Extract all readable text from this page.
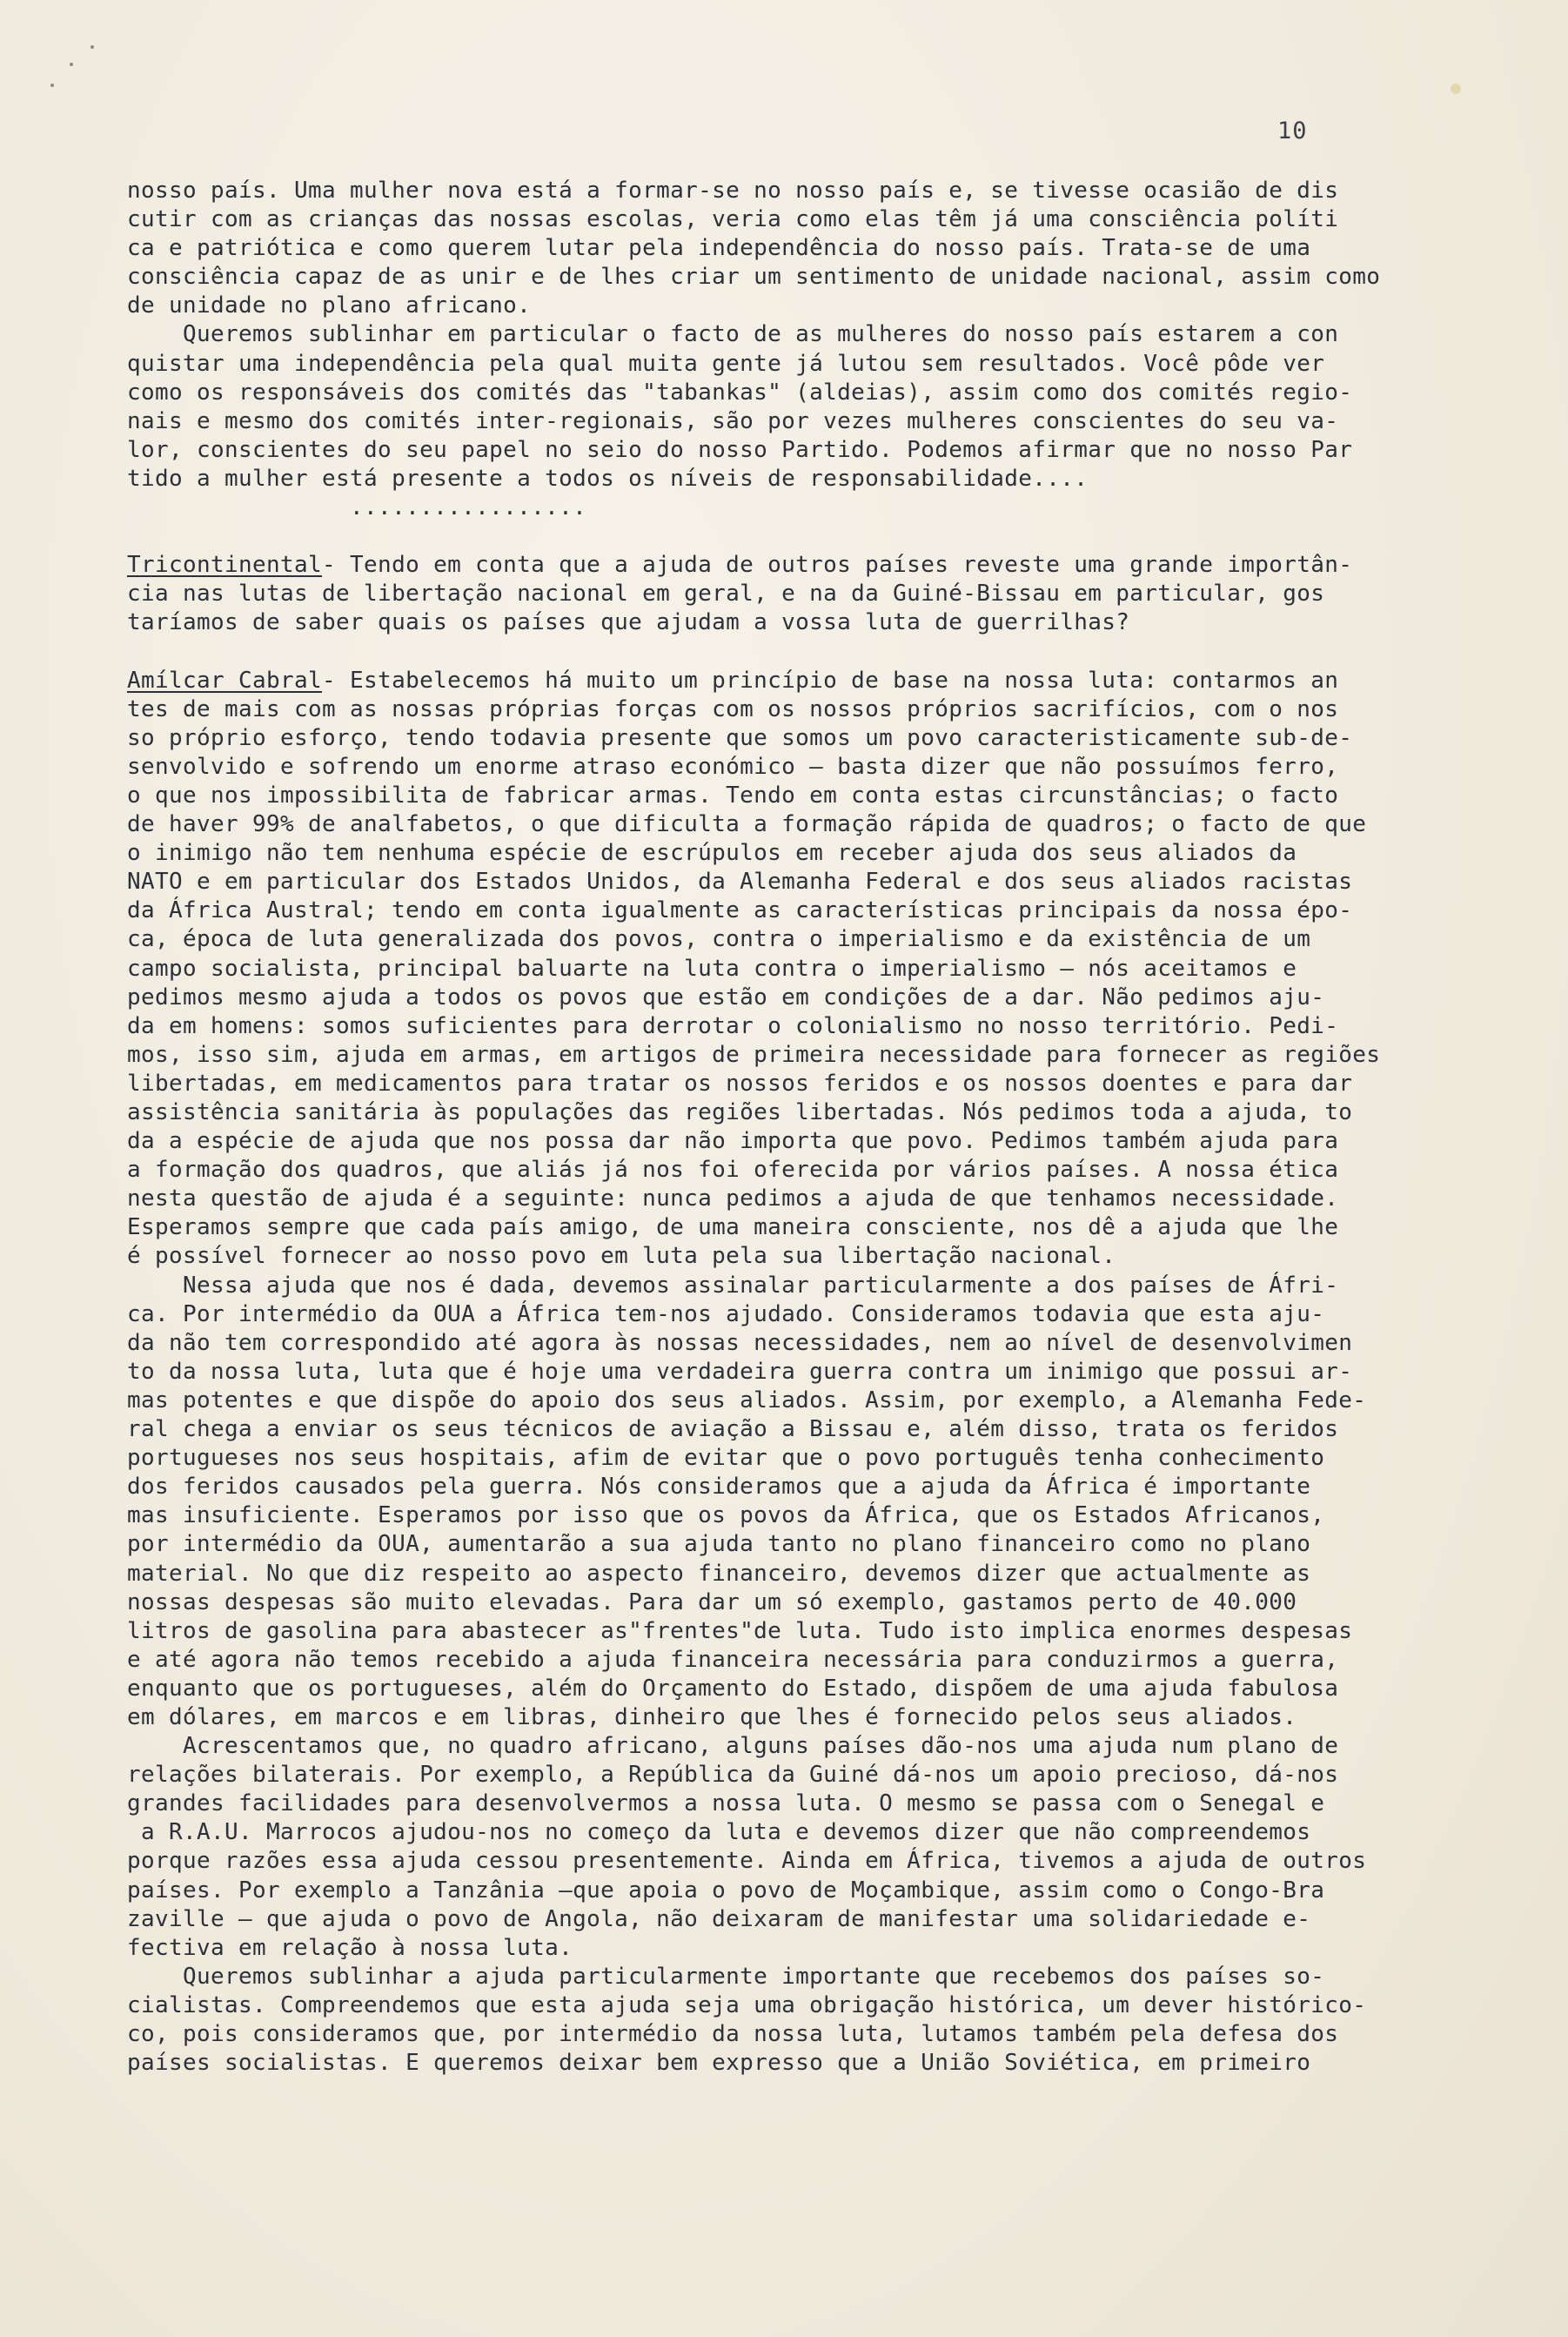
10
nosso país. Uma mulher nova está a formar-se no nosso país e, se tivesse ocasião de dis
cutir com as crianças das nossas escolas, veria como elas têm já uma consciência políti
ca e patriótica e como querem lutar pela independência do nosso país. Trata-se de uma
consciência capaz de as unir e de lhes criar um sentimento de unidade nacional, assim como
de unidade no plano africano.
Queremos sublinhar em particular o facto de as mulheres do nosso país estarem a con
quistar uma independência pela qual muita gente já lutou sem resultados. Você pôde ver
como os responsáveis dos comités das "tabankas" (aldeias), assim como dos comités regio-
nais e mesmo dos comités inter-regionais, são por vezes mulheres conscientes do seu va-
lor, conscientes do seu papel no seio do nosso Partido. Podemos afirmar que no nosso Par
tido a mulher está presente a todos os níveis de responsabilidade....
.................
Tricontinental- Tendo em conta que a ajuda de outros países reveste uma grande importân-
cia nas lutas de libertação nacional em geral, e na da Guiné-Bissau em particular, gos
taríamos de saber quais os países que ajudam a vossa luta de guerrilhas?
Amílcar Cabral- Estabelecemos há muito um princípio de base na nossa luta: contarmos an
tes de mais com as nossas próprias forças com os nossos próprios sacrifícios, com o nos
so próprio esforço, tendo todavia presente que somos um povo caracteristicamente sub-de-
senvolvido e sofrendo um enorme atraso económico — basta dizer que não possuímos ferro,
o que nos impossibilita de fabricar armas. Tendo em conta estas circunstâncias; o facto
de haver 99% de analfabetos, o que dificulta a formação rápida de quadros; o facto de que
o inimigo não tem nenhuma espécie de escrúpulos em receber ajuda dos seus aliados da
NATO e em particular dos Estados Unidos, da Alemanha Federal e dos seus aliados racistas
da África Austral; tendo em conta igualmente as características principais da nossa épo-
ca, época de luta generalizada dos povos, contra o imperialismo e da existência de um
campo socialista, principal baluarte na luta contra o imperialismo — nós aceitamos e
pedimos mesmo ajuda a todos os povos que estão em condições de a dar. Não pedimos aju-
da em homens: somos suficientes para derrotar o colonialismo no nosso território. Pedi-
mos, isso sim, ajuda em armas, em artigos de primeira necessidade para fornecer as regiões
libertadas, em medicamentos para tratar os nossos feridos e os nossos doentes e para dar
assistência sanitária às populações das regiões libertadas. Nós pedimos toda a ajuda, to
da a espécie de ajuda que nos possa dar não importa que povo. Pedimos também ajuda para
a formação dos quadros, que aliás já nos foi oferecida por vários países. A nossa ética
nesta questão de ajuda é a seguinte: nunca pedimos a ajuda de que tenhamos necessidade.
Esperamos sempre que cada país amigo, de uma maneira consciente, nos dê a ajuda que lhe
é possível fornecer ao nosso povo em luta pela sua libertação nacional.
Nessa ajuda que nos é dada, devemos assinalar particularmente a dos países de Áfri-
ca. Por intermédio da OUA a África tem-nos ajudado. Consideramos todavia que esta aju-
da não tem correspondido até agora às nossas necessidades, nem ao nível de desenvolvimen
to da nossa luta, luta que é hoje uma verdadeira guerra contra um inimigo que possui ar-
mas potentes e que dispõe do apoio dos seus aliados. Assim, por exemplo, a Alemanha Fede-
ral chega a enviar os seus técnicos de aviação a Bissau e, além disso, trata os feridos
portugueses nos seus hospitais, afim de evitar que o povo português tenha conhecimento
dos feridos causados pela guerra. Nós consideramos que a ajuda da África é importante
mas insuficiente. Esperamos por isso que os povos da África, que os Estados Africanos,
por intermédio da OUA, aumentarão a sua ajuda tanto no plano financeiro como no plano
material. No que diz respeito ao aspecto financeiro, devemos dizer que actualmente as
nossas despesas são muito elevadas. Para dar um só exemplo, gastamos perto de 40.000
litros de gasolina para abastecer as"frentes"de luta. Tudo isto implica enormes despesas
e até agora não temos recebido a ajuda financeira necessária para conduzirmos a guerra,
enquanto que os portugueses, além do Orçamento do Estado, dispõem de uma ajuda fabulosa
em dólares, em marcos e em libras, dinheiro que lhes é fornecido pelos seus aliados.
Acrescentamos que, no quadro africano, alguns países dão-nos uma ajuda num plano de
relações bilaterais. Por exemplo, a República da Guiné dá-nos um apoio precioso, dá-nos
grandes facilidades para desenvolvermos a nossa luta. O mesmo se passa com o Senegal e
a R.A.U. Marrocos ajudou-nos no começo da luta e devemos dizer que não compreendemos
porque razões essa ajuda cessou presentemente. Ainda em África, tivemos a ajuda de outros
países. Por exemplo a Tanzânia —que apoia o povo de Moçambique, assim como o Congo-Bra
zaville — que ajuda o povo de Angola, não deixaram de manifestar uma solidariedade e-
fectiva em relação à nossa luta.
Queremos sublinhar a ajuda particularmente importante que recebemos dos países so-
cialistas. Compreendemos que esta ajuda seja uma obrigação histórica, um dever histórico-
co, pois consideramos que, por intermédio da nossa luta, lutamos também pela defesa dos
países socialistas. E queremos deixar bem expresso que a União Soviética, em primeiro
